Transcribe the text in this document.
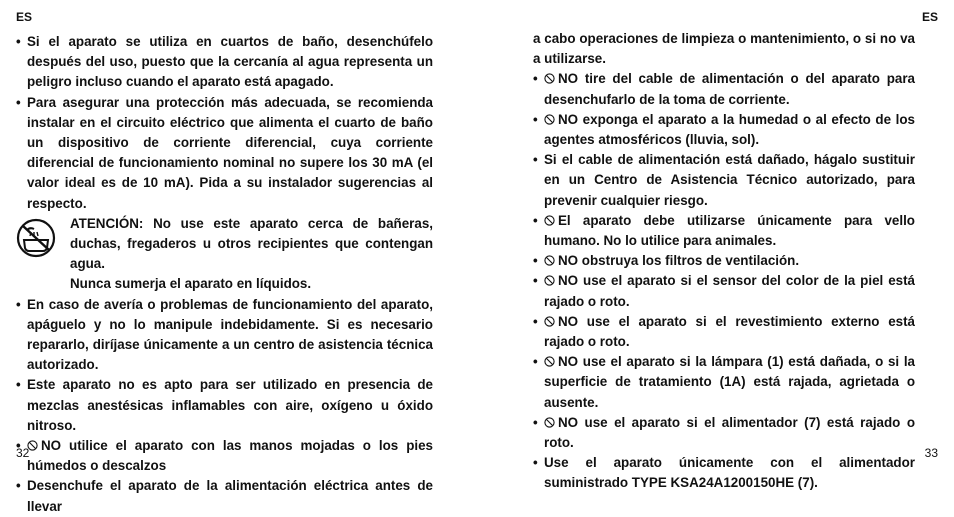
ES
• Si el aparato se utiliza en cuartos de baño, desenchúfelo después del uso, puesto que la cercanía al agua representa un peligro incluso cuando el aparato está apagado.
• Para asegurar una protección más adecuada, se recomienda instalar en el circuito eléctrico que alimenta el cuarto de baño un dispositivo de corriente diferencial, cuya corriente diferencial de funcionamiento nominal no supere los 30 mA (el valor ideal es de 10 mA). Pida a su instalador sugerencias al respecto.
ATENCIÓN: No use este aparato cerca de bañeras, duchas, fregaderos u otros recipientes que contengan agua.
Nunca sumerja el aparato en líquidos.
• En caso de avería o problemas de funcionamiento del aparato, apáguelo y no lo manipule indebidamente. Si es necesario repararlo, diríjase únicamente a un centro de asistencia técnica autorizado.
• Este aparato no es apto para ser utilizado en presencia de mezclas anestésicas inflamables con aire, oxígeno u óxido nitroso.
• NO utilice el aparato con las manos mojadas o los pies húmedos o descalzos
• Desenchufe el aparato de la alimentación eléctrica antes de llevar
32
ES
a cabo operaciones de limpieza o mantenimiento, o si no va a utilizarse.
• NO tire del cable de alimentación o del aparato para desenchufarlo de la toma de corriente.
• NO exponga el aparato a la humedad o al efecto de los agentes atmosféricos (lluvia, sol).
• Si el cable de alimentación está dañado, hágalo sustituir en un Centro de Asistencia Técnico autorizado, para prevenir cualquier riesgo.
• El aparato debe utilizarse únicamente para vello humano. No lo utilice para animales.
• NO obstruya los filtros de ventilación.
• NO use el aparato si el sensor del color de la piel está rajado o roto.
• NO use el aparato si el revestimiento externo está rajado o roto.
• NO use el aparato si la lámpara (1) está dañada, o si la superficie de tratamiento (1A) está rajada, agrietada o ausente.
• NO use el aparato si el alimentador (7) está rajado o roto.
• Use el aparato únicamente con el alimentador suministrado TYPE KSA24A1200150HE (7).
33
